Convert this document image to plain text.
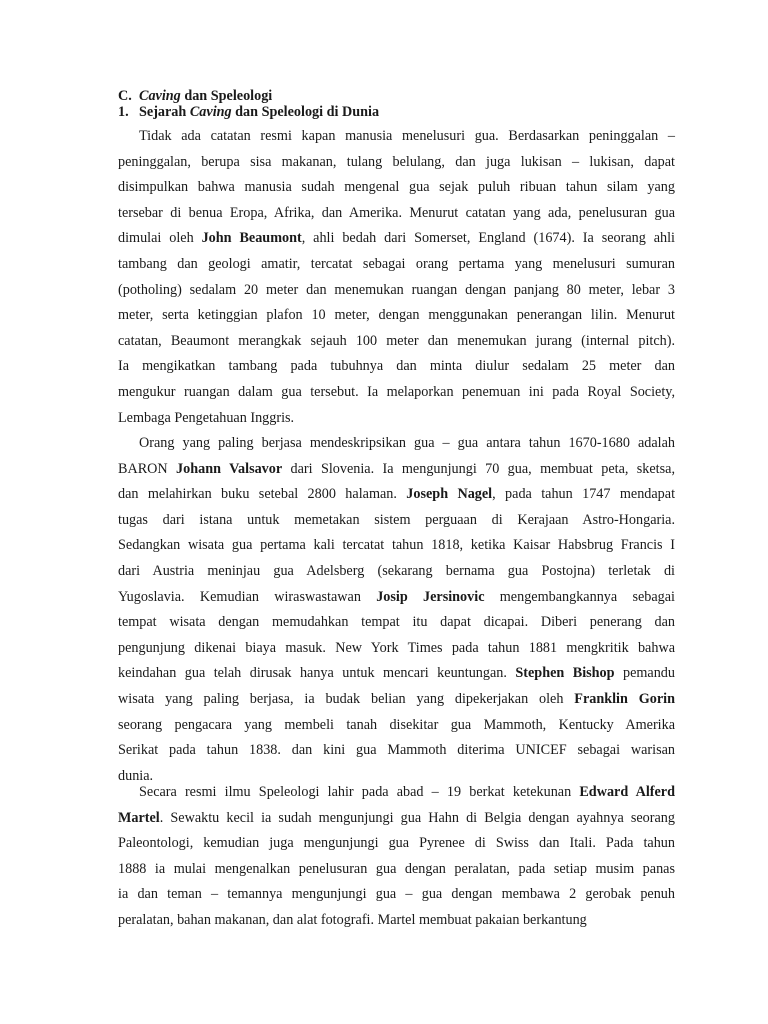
C. Caving dan Speleologi
1. Sejarah Caving dan Speleologi di Dunia
Tidak ada catatan resmi kapan manusia menelusuri gua. Berdasarkan peninggalan –
peninggalan, berupa sisa makanan, tulang belulang, dan juga lukisan – lukisan, dapat
disimpulkan bahwa manusia sudah mengenal gua sejak puluh ribuan tahun silam yang
tersebar di benua Eropa, Afrika, dan Amerika. Menurut catatan yang ada, penelusuran gua
dimulai oleh John Beaumont, ahli bedah dari Somerset, England (1674). Ia seorang ahli
tambang dan geologi amatir, tercatat sebagai orang pertama yang menelusuri sumuran
(potholing) sedalam 20 meter dan menemukan ruangan dengan panjang 80 meter, lebar 3
meter, serta ketinggian plafon 10 meter, dengan menggunakan penerangan lilin. Menurut
catatan, Beaumont merangkak sejauh 100 meter dan menemukan jurang (internal pitch).
Ia mengikatkan tambang pada tubuhnya dan minta diulur sedalam 25 meter dan
mengukur ruangan dalam gua tersebut. Ia melaporkan penemuan ini pada Royal Society,
Lembaga Pengetahuan Inggris.
Orang yang paling berjasa mendeskripsikan gua – gua antara tahun 1670-1680 adalah
BARON Johann Valsavor dari Slovenia. Ia mengunjungi 70 gua, membuat peta, sketsa,
dan melahirkan buku setebal 2800 halaman. Joseph Nagel, pada tahun 1747 mendapat
tugas dari istana untuk memetakan sistem perguaan di Kerajaan Astro-Hongaria.
Sedangkan wisata gua pertama kali tercatat tahun 1818, ketika Kaisar Habsbrug Francis I
dari Austria meninjau gua Adelsberg (sekarang bernama gua Postojna) terletak di
Yugoslavia. Kemudian wiraswastawan Josip Jersinovic mengembangkannya sebagai
tempat wisata dengan memudahkan tempat itu dapat dicapai. Diberi penerang dan
pengunjung dikenai biaya masuk. New York Times pada tahun 1881 mengkritik bahwa
keindahan gua telah dirusak hanya untuk mencari keuntungan. Stephen Bishop pemandu
wisata yang paling berjasa, ia budak belian yang dipekerjakan oleh Franklin Gorin
seorang pengacara yang membeli tanah disekitar gua Mammoth, Kentucky Amerika
Serikat pada tahun 1838. dan kini gua Mammoth diterima UNICEF sebagai warisan
dunia.
Secara resmi ilmu Speleologi lahir pada abad – 19 berkat ketekunan Edward Alferd
Martel. Sewaktu kecil ia sudah mengunjungi gua Hahn di Belgia dengan ayahnya seorang
Paleontologi, kemudian juga mengunjungi gua Pyrenee di Swiss dan Itali. Pada tahun
1888 ia mulai mengenalkan penelusuran gua dengan peralatan, pada setiap musim panas
ia dan teman – temannya mengunjungi gua – gua dengan membawa 2 gerobak penuh
peralatan, bahan makanan, dan alat fotografi. Martel membuat pakaian berkantung
